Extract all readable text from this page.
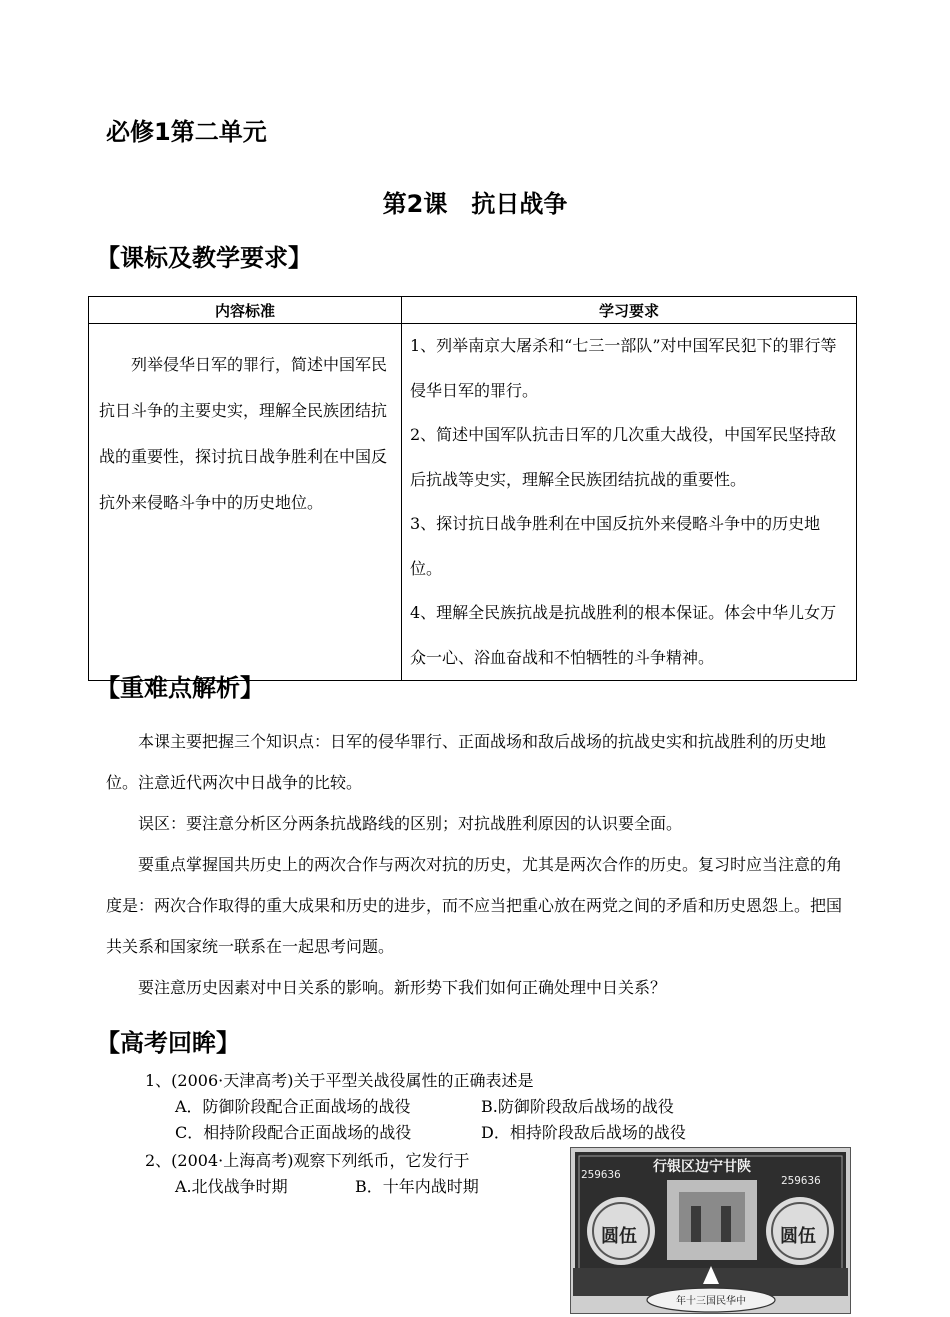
必修1第二单元
第2课　抗日战争
【课标及教学要求】
内容标准	学习要求

列举侵华日军的罪行，简述中国军民抗日斗争的主要史实，理解全民族团结抗战的重要性，探讨抗日战争胜利在中国反抗外来侵略斗争中的历史地位。	1、列举南京大屠杀和“七三一部队”对中国军民犯下的罪行等侵华日军的罪行。
2、简述中国军队抗击日军的几次重大战役，中国军民坚持敌后抗战等史实，理解全民族团结抗战的重要性。
3、探讨抗日战争胜利在中国反抗外来侵略斗争中的历史地位。
4、理解全民族抗战是抗战胜利的根本保证。体会中华儿女万众一心、浴血奋战和不怕牺牲的斗争精神。
【重难点解析】
本课主要把握三个知识点：日军的侵华罪行、正面战场和敌后战场的抗战史实和抗战胜利的历史地位。注意近代两次中日战争的比较。
误区：要注意分析区分两条抗战路线的区别；对抗战胜利原因的认识要全面。
要重点掌握国共历史上的两次合作与两次对抗的历史，尤其是两次合作的历史。复习时应当注意的角度是：两次合作取得的重大成果和历史的进步，而不应当把重心放在两党之间的矛盾和历史恩怨上。把国共关系和国家统一联系在一起思考问题。
要注意历史因素对中日关系的影响。新形势下我们如何正确处理中日关系？
【高考回眸】
1、(2006·天津高考)关于平型关战役属性的正确表述是
A．防御阶段配合正面战场的战役	B.防御阶段敌后战场的战役
C．相持阶段配合正面战场的战役	D．相持阶段敌后战场的战役
2、(2004·上海高考)观察下列纸币，它发行于
A.北伐战争时期	B．十年内战时期
259636	259636
行银区边宁甘陕
圆伍	圆伍
年十三国民华中
